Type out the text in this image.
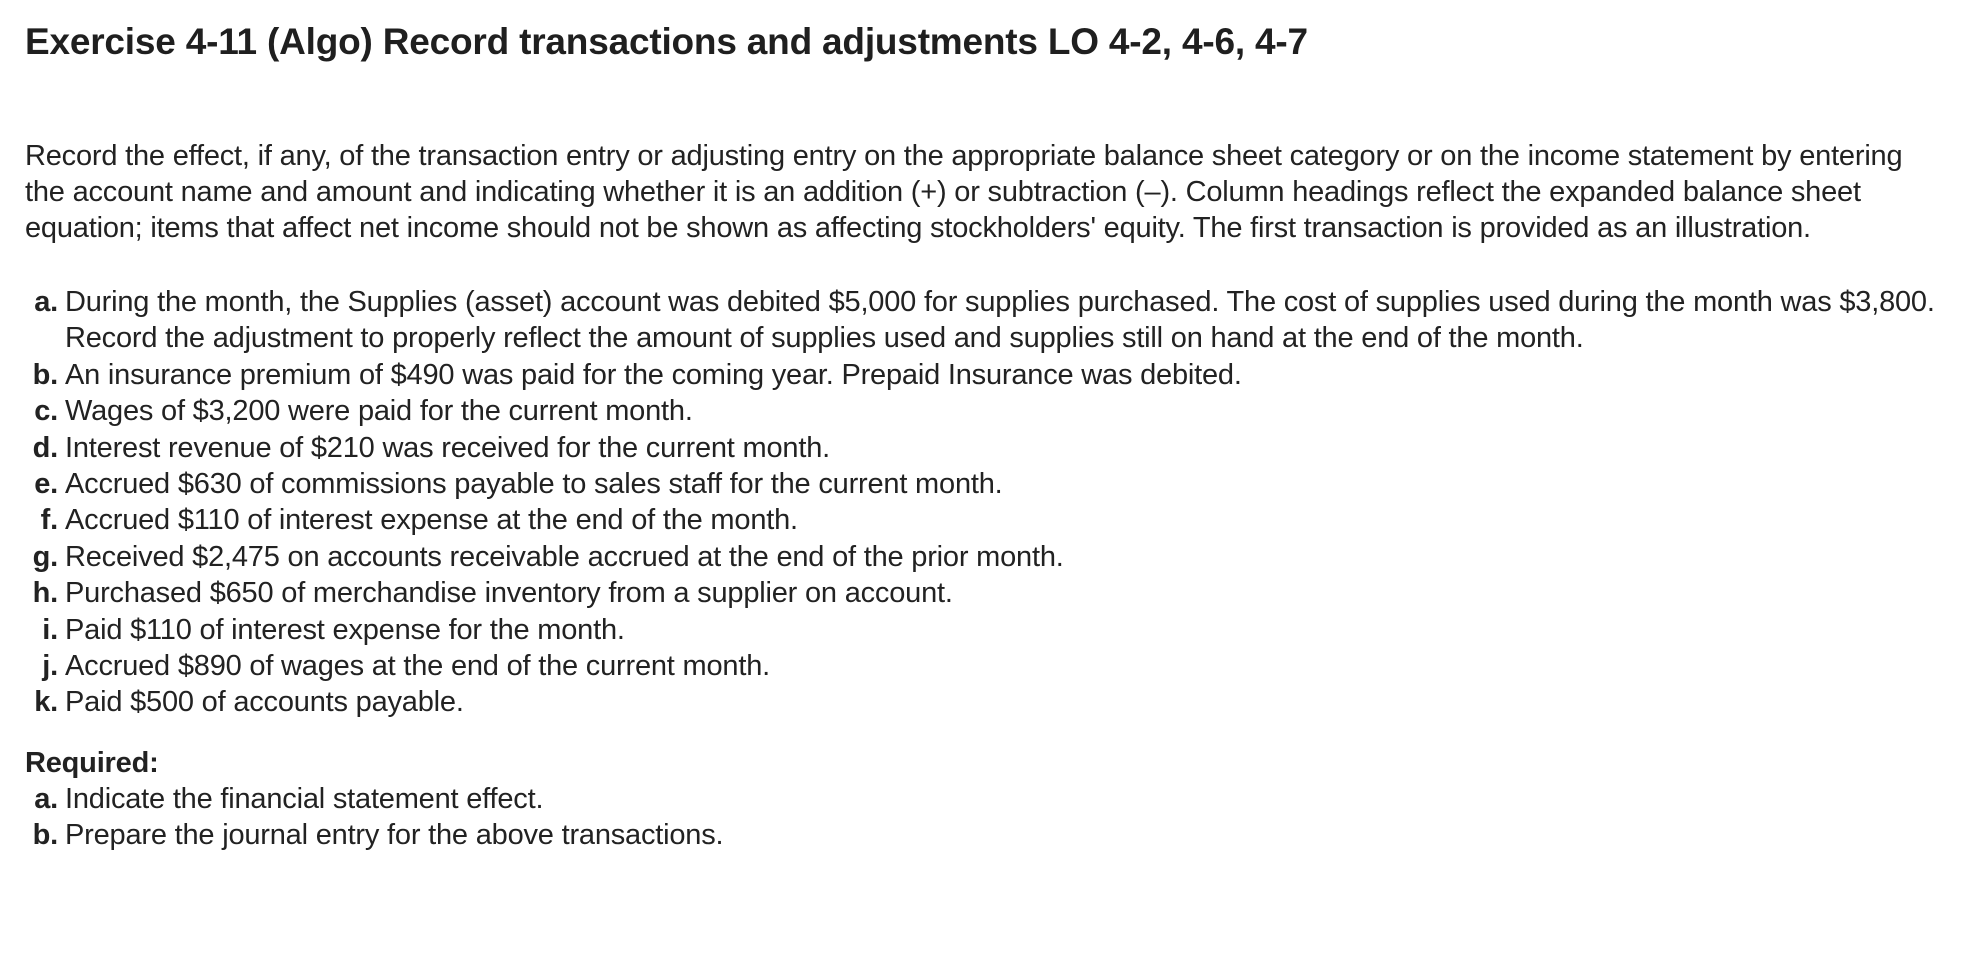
Exercise 4-11 (Algo) Record transactions and adjustments LO 4-2, 4-6, 4-7

Record the effect, if any, of the transaction entry or adjusting entry on the appropriate balance sheet category or on the income statement by entering the account name and amount and indicating whether it is an addition (+) or subtraction (–). Column headings reflect the expanded balance sheet equation; items that affect net income should not be shown as affecting stockholders' equity. The first transaction is provided as an illustration.

a. During the month, the Supplies (asset) account was debited $5,000 for supplies purchased. The cost of supplies used during the month was $3,800. Record the adjustment to properly reflect the amount of supplies used and supplies still on hand at the end of the month.
b. An insurance premium of $490 was paid for the coming year. Prepaid Insurance was debited.
c. Wages of $3,200 were paid for the current month.
d. Interest revenue of $210 was received for the current month.
e. Accrued $630 of commissions payable to sales staff for the current month.
f. Accrued $110 of interest expense at the end of the month.
g. Received $2,475 on accounts receivable accrued at the end of the prior month.
h. Purchased $650 of merchandise inventory from a supplier on account.
i. Paid $110 of interest expense for the month.
j. Accrued $890 of wages at the end of the current month.
k. Paid $500 of accounts payable.
Required:
a. Indicate the financial statement effect.
b. Prepare the journal entry for the above transactions.
